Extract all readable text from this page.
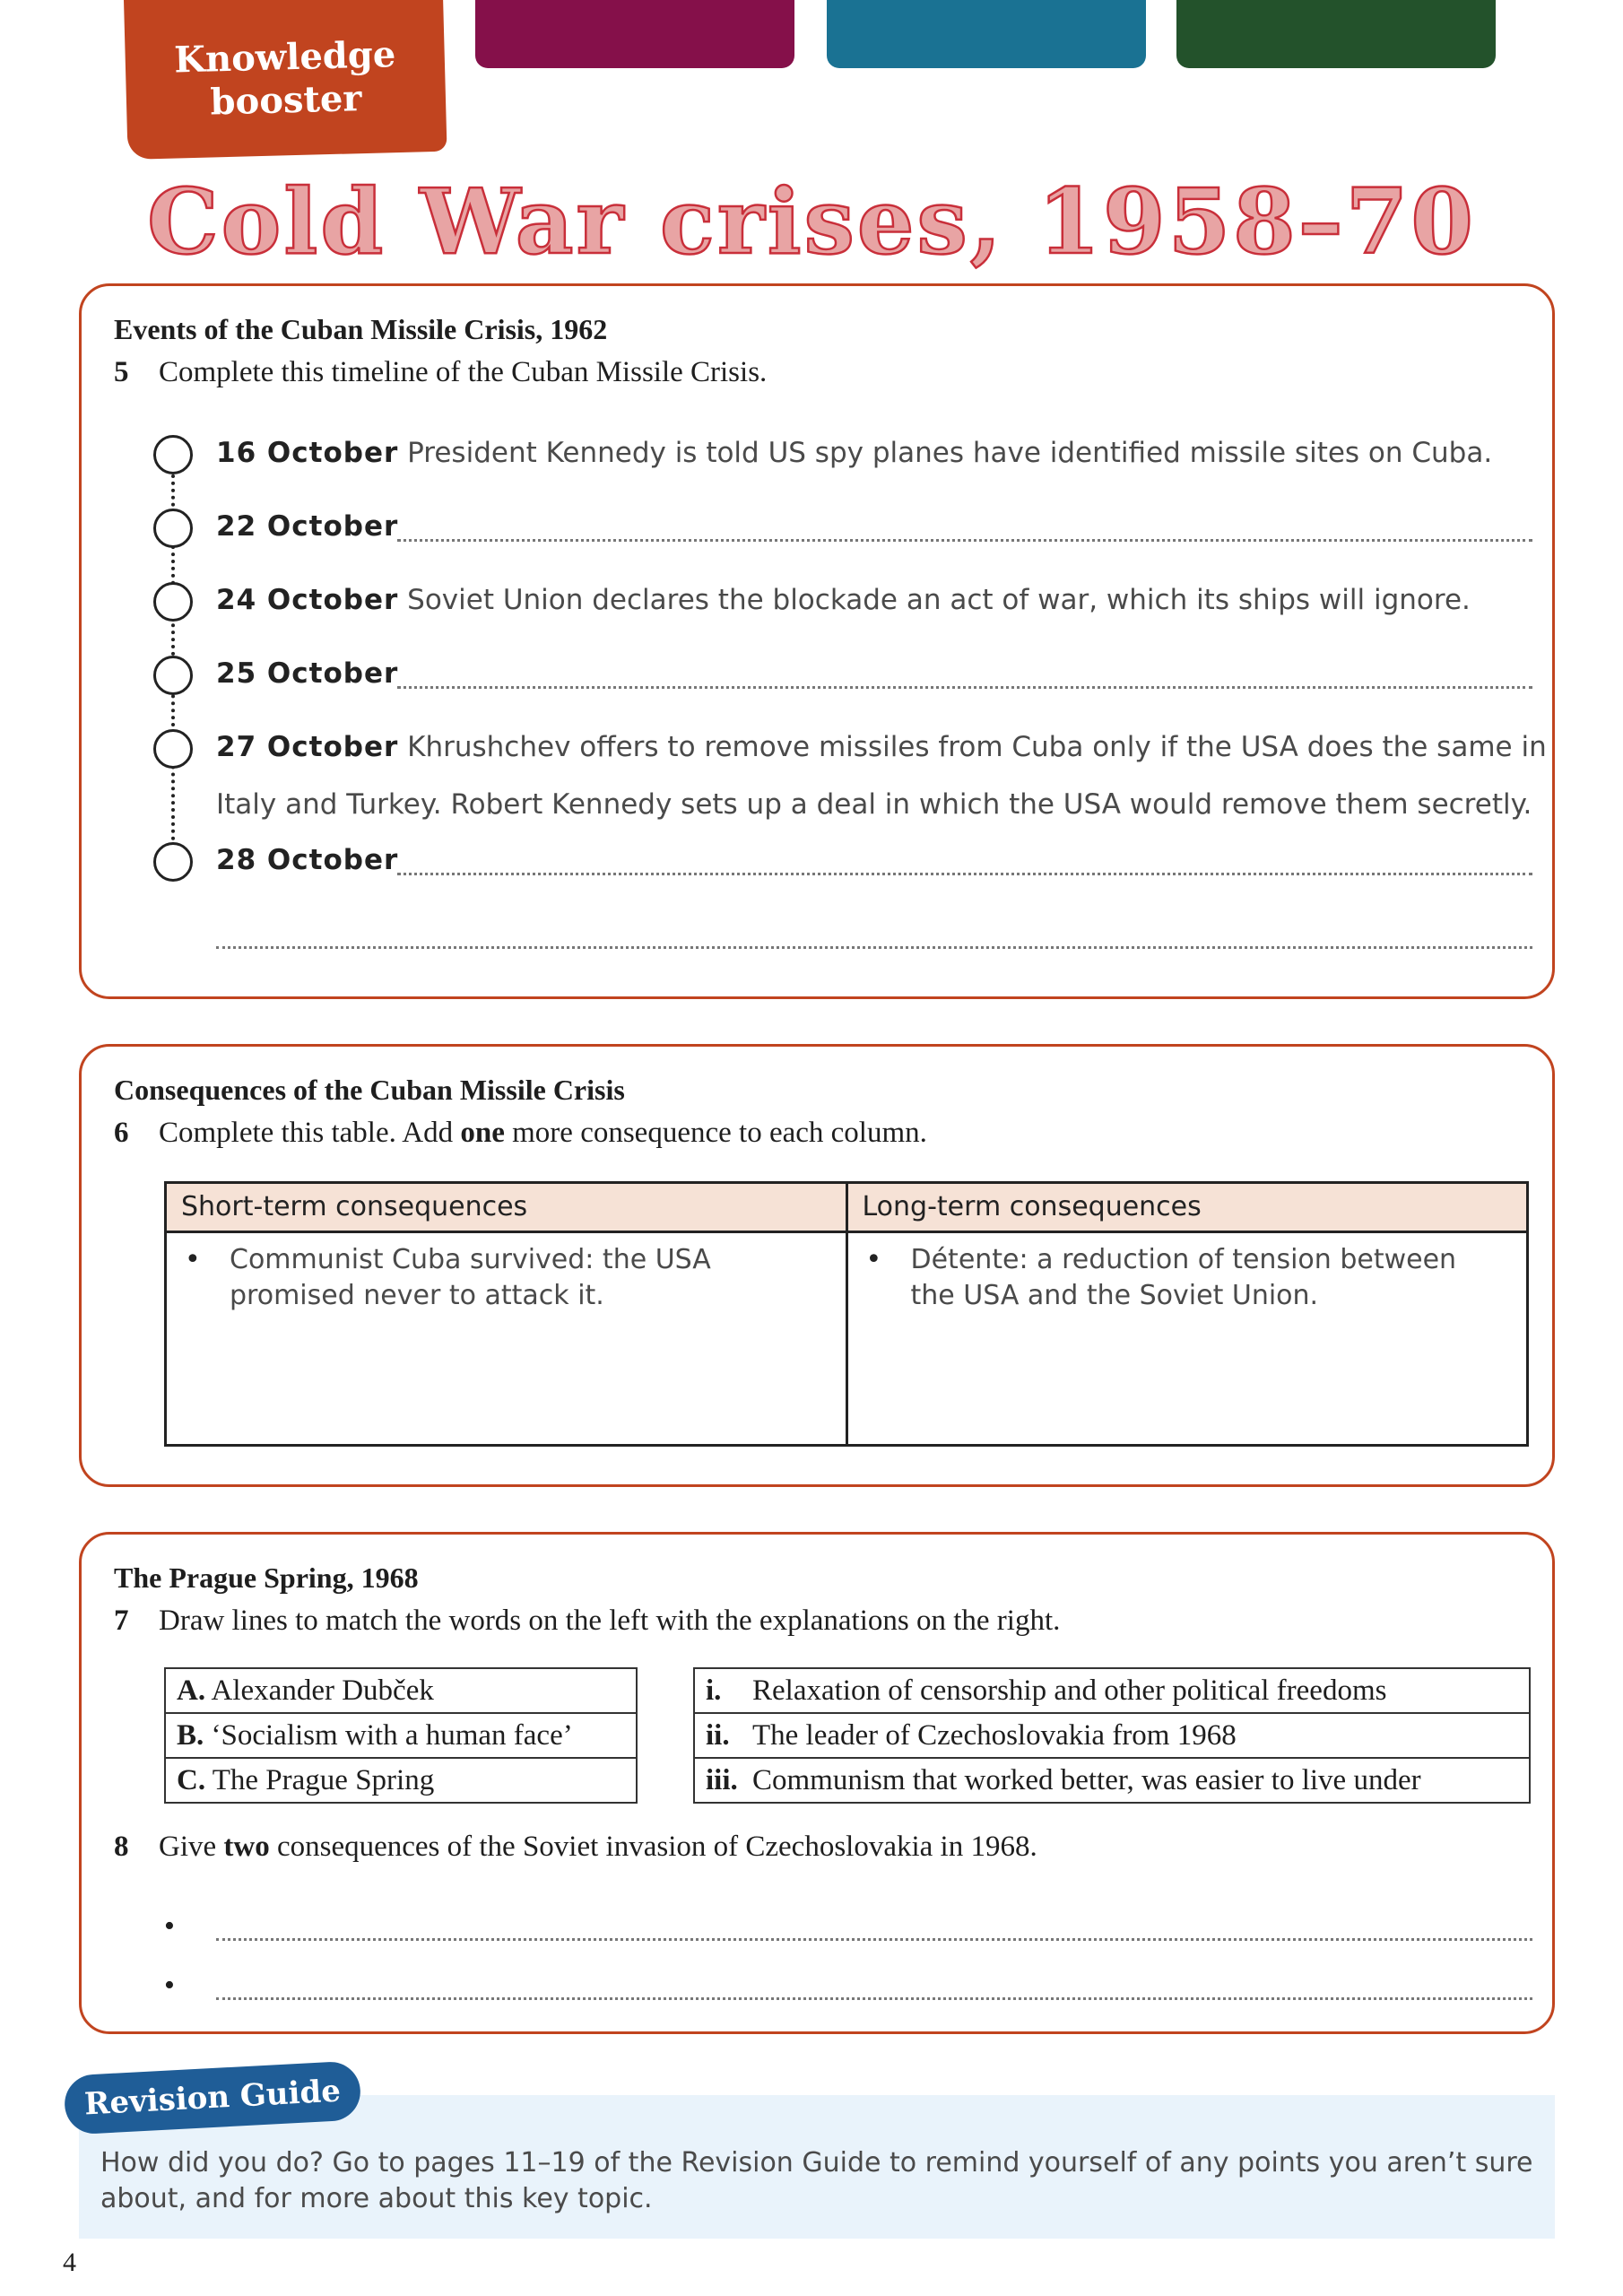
Knowledge
booster
Cold War crises, 1958–70
Events of the Cuban Missile Crisis, 1962
5 Complete this timeline of the Cuban Missile Crisis.
16 October President Kennedy is told US spy planes have identified missile sites on Cuba.
22 October
24 October Soviet Union declares the blockade an act of war, which its ships will ignore.
25 October
27 October Khrushchev offers to remove missiles from Cuba only if the USA does the same in
Italy and Turkey. Robert Kennedy sets up a deal in which the USA would remove them secretly.
28 October
Consequences of the Cuban Missile Crisis
6 Complete this table. Add one more consequence to each column.
Short-term consequences
• Communist Cuba survived: the USA promised never to attack it.
Long-term consequences
• Détente: a reduction of tension between the USA and the Soviet Union.
The Prague Spring, 1968
7 Draw lines to match the words on the left with the explanations on the right.
A. Alexander Dubček
B. ‘Socialism with a human face’
C. The Prague Spring
i. Relaxation of censorship and other political freedoms
ii. The leader of Czechoslovakia from 1968
iii. Communism that worked better, was easier to live under
8 Give two consequences of the Soviet invasion of Czechoslovakia in 1968.
•
•
Revision Guide
How did you do? Go to pages 11–19 of the Revision Guide to remind yourself of any points you aren’t sure about, and for more about this key topic.
4
